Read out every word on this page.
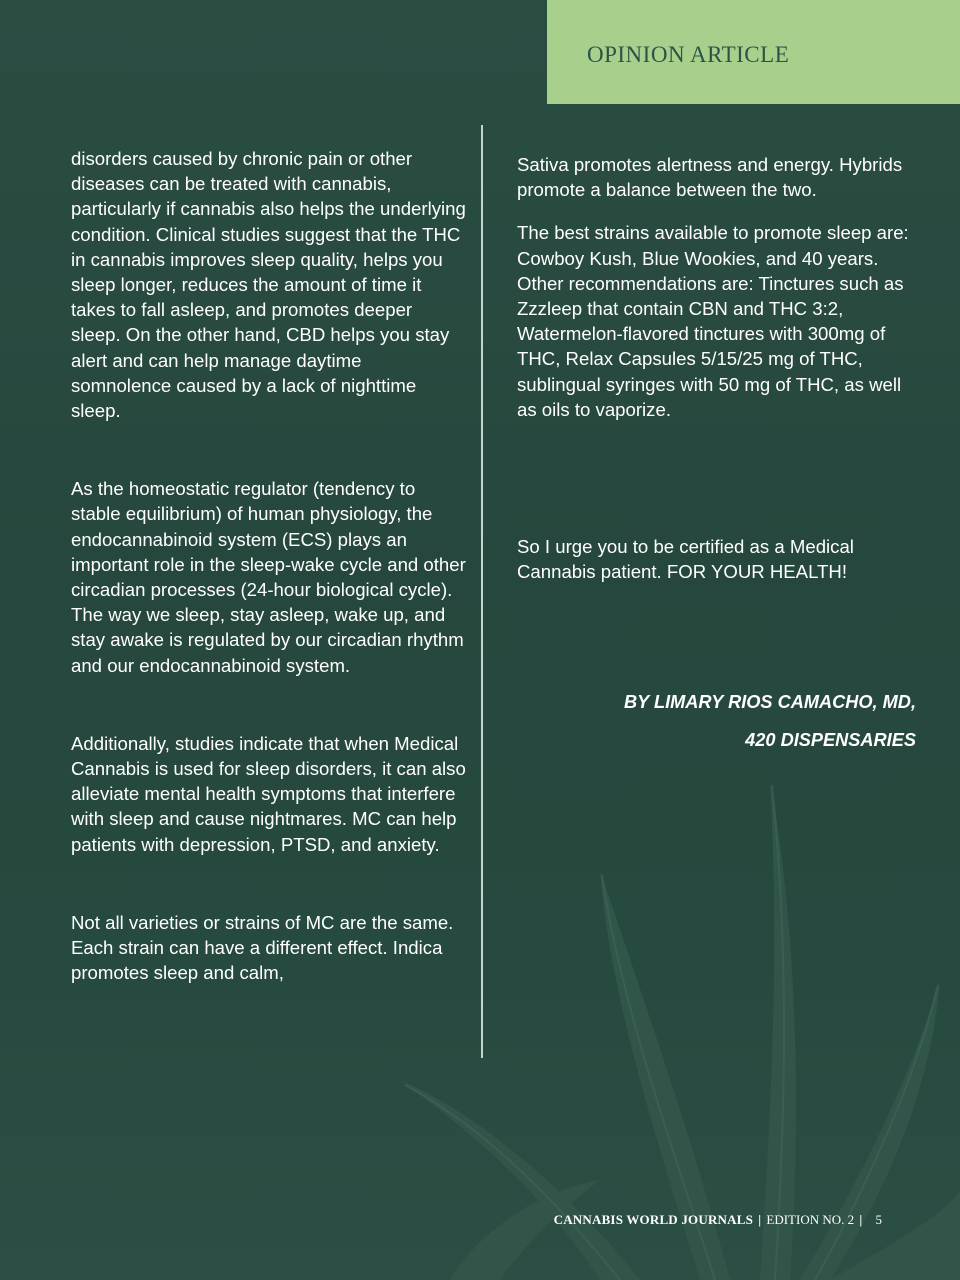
OPINION ARTICLE

disorders caused by chronic pain or other diseases can be treated with cannabis, particularly if cannabis also helps the underlying condition. Clinical studies suggest that the THC in cannabis improves sleep quality, helps you sleep longer, reduces the amount of time it takes to fall asleep, and promotes deeper sleep. On the other hand, CBD helps you stay alert and can help manage daytime somnolence caused by a lack of nighttime sleep.

As the homeostatic regulator (tendency to stable equilibrium) of human physiology, the endocannabinoid system (ECS) plays an important role in the sleep-wake cycle and other circadian processes (24-hour biological cycle). The way we sleep, stay asleep, wake up, and stay awake is regulated by our circadian rhythm and our endocannabinoid system.

Additionally, studies indicate that when Medical Cannabis is used for sleep disorders, it can also alleviate mental health symptoms that interfere with sleep and cause nightmares. MC can help patients with depression, PTSD, and anxiety.

Not all varieties or strains of MC are the same. Each strain can have a different effect. Indica promotes sleep and calm,

Sativa promotes alertness and energy. Hybrids promote a balance between the two.

The best strains available to promote sleep are: Cowboy Kush, Blue Wookies, and 40 years. Other recommendations are: Tinctures such as Zzzleep that contain CBN and THC 3:2, Watermelon-flavored tinctures with 300mg of THC, Relax Capsules 5/15/25 mg of THC, sublingual syringes with 50 mg of THC, as well as oils to vaporize.

So I urge you to be certified as a Medical Cannabis patient. FOR YOUR HEALTH!

BY LIMARY RIOS CAMACHO, MD,
420 DISPENSARIES
CANNABIS WORLD JOURNALS | EDITION NO. 2 | 5
